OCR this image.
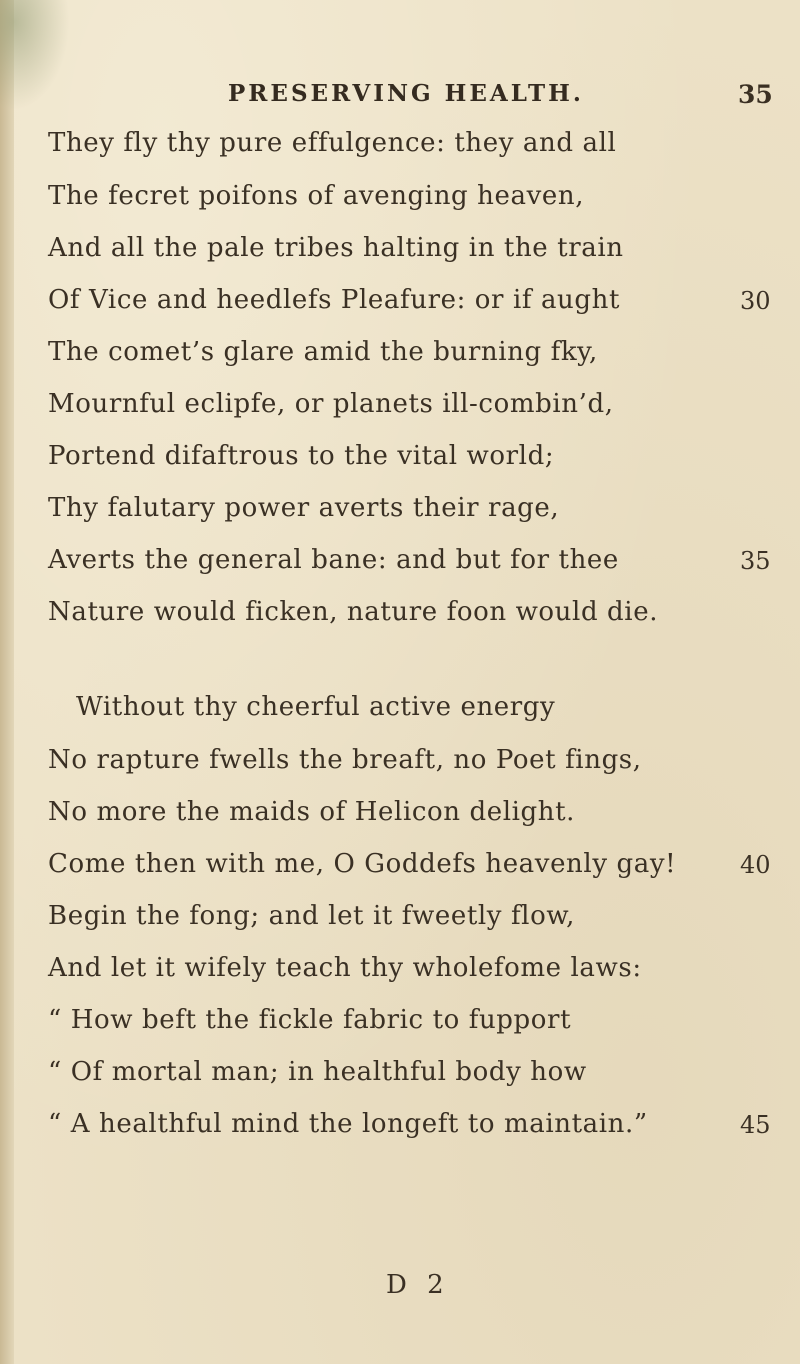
PRESERVING HEALTH.	35
They fly thy pure effulgence: they and all
The fecret poifons of avenging heaven,
And all the pale tribes halting in the train
Of Vice and heedlefs Pleafure: or if aught	30
The comet’s glare amid the burning fky,
Mournful eclipfe, or planets ill-combin’d,
Portend difaftrous to the vital world;
Thy falutary power averts their rage,
Averts the general bane: and but for thee	35
Nature would ficken, nature foon would die.
Without thy cheerful active energy
No rapture fwells the breaft, no Poet fings,
No more the maids of Helicon delight.
Come then with me, O Goddefs heavenly gay!	40
Begin the fong; and let it fweetly flow,
And let it wifely teach thy wholefome laws:
“ How beft the fickle fabric to fupport
“ Of mortal man; in healthful body how
“ A healthful mind the longeft to maintain.”	45
D 2
